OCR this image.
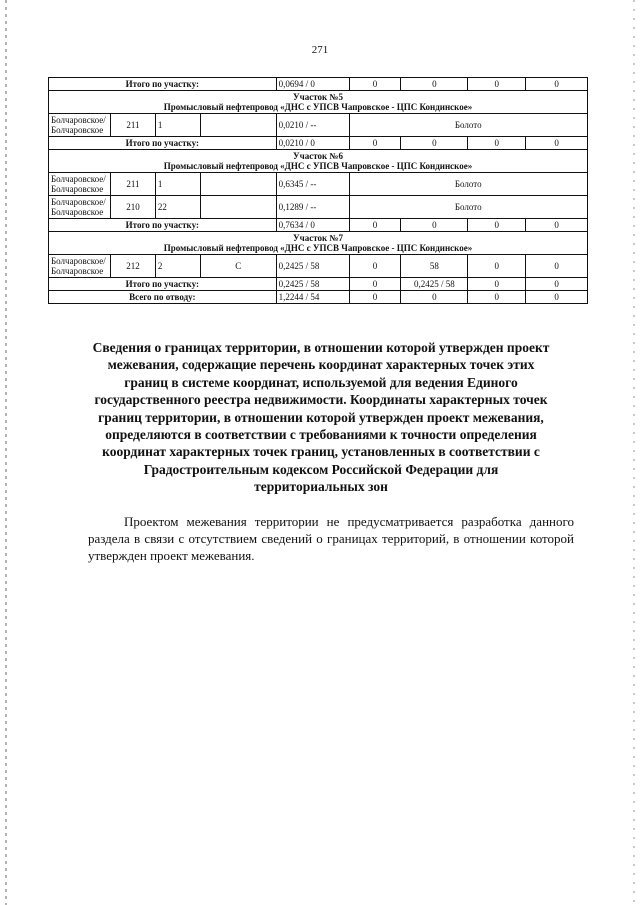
271
Итого по участку:				0,0694 / 0	0	0	0	0

Участок №5
Промысловый нефтепровод «ДНС с УПСВ Чапровское - ЦПС Кондинское»								

Болчаровское/ Болчаровское	211	1		0,0210 / --	Болото			
Итого по участку:				0,0210 / 0	0	0	0	0

Участок №6
Промысловый нефтепровод «ДНС с УПСВ Чапровское - ЦПС Кондинское»								

Болчаровское/ Болчаровское	211	1		0,6345 / --	Болото			
Болчаровское/ Болчаровское	210	22		0,1289 / --	Болото			
Итого по участку:				0,7634 / 0	0	0	0	0

Участок №7
Промысловый нефтепровод «ДНС с УПСВ Чапровское - ЦПС Кондинское»								

Болчаровское/ Болчаровское	212	2	С	0,2425 / 58	0	58	0	0
Итого по участку:				0,2425 / 58	0	0,2425 / 58	0	0
Всего по отводу:				1,2244 / 54	0	0	0	0
Сведения о границах территории, в отношении которой утвержден проект межевания, содержащие перечень координат характерных точек этих границ в системе координат, используемой для ведения Единого государственного реестра недвижимости. Координаты характерных точек границ территории, в отношении которой утвержден проект межевания, определяются в соответствии с требованиями к точности определения координат характерных точек границ, установленных в соответствии с Градостроительным кодексом Российской Федерации для территориальных зон
Проектом межевания территории не предусматривается разработка данного раздела в связи с отсутствием сведений о границах территорий, в отношении которой утвержден проект межевания.
